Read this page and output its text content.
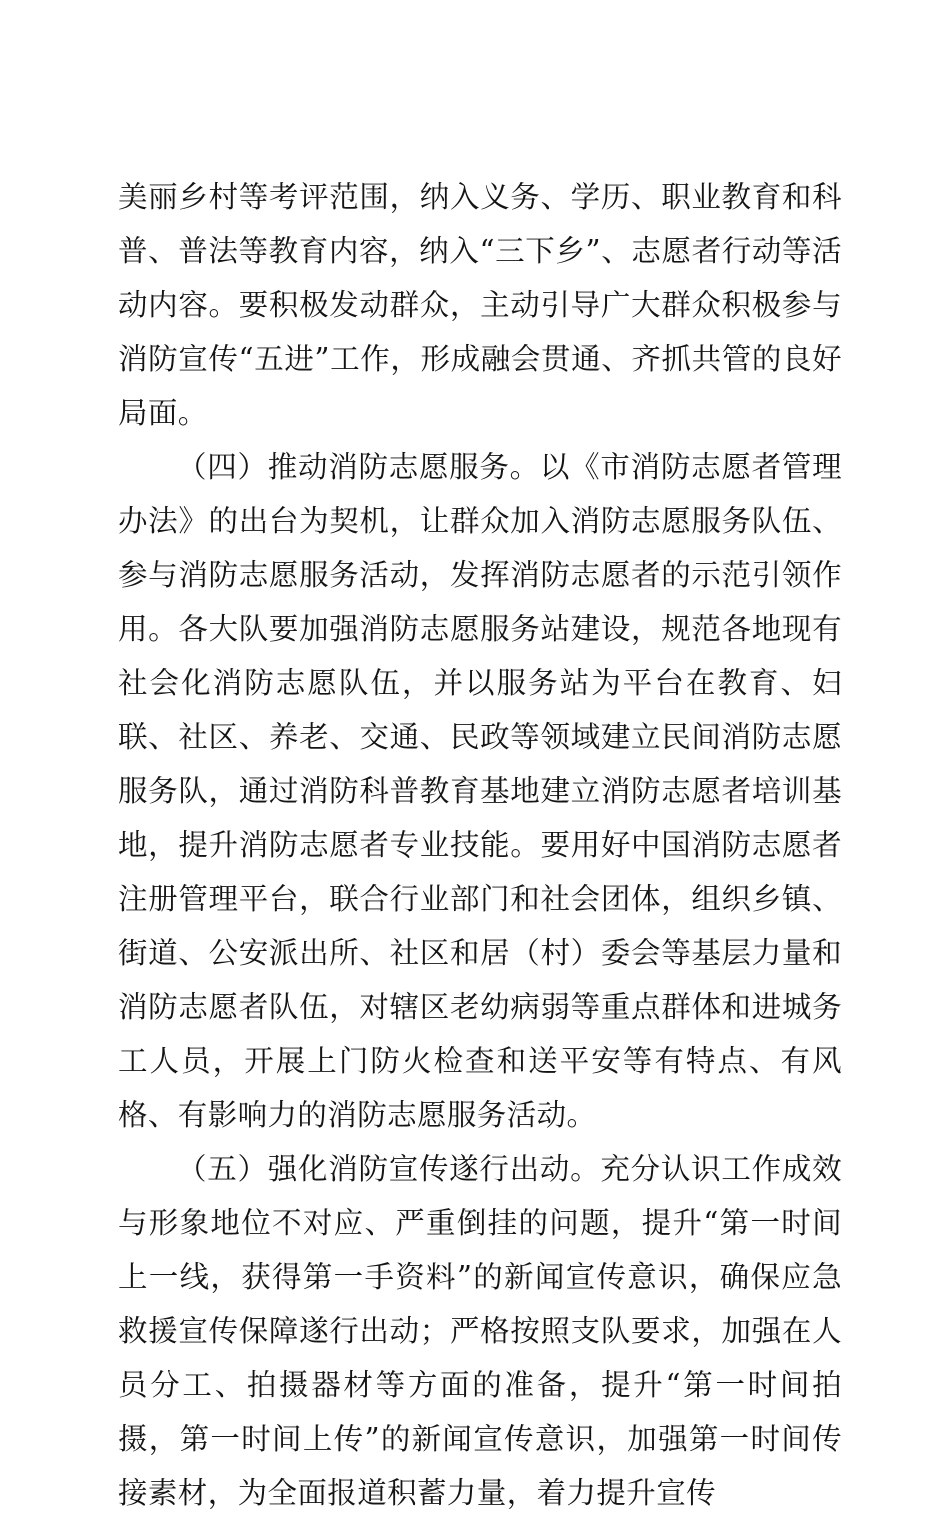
美丽乡村等考评范围，纳入义务、学历、职业教育和科普、普法等教育内容，纳入“三下乡”、志愿者行动等活动内容。要积极发动群众，主动引导广大群众积极参与消防宣传“五进”工作，形成融会贯通、齐抓共管的良好局面。

（四）推动消防志愿服务。以《市消防志愿者管理办法》的出台为契机，让群众加入消防志愿服务队伍、参与消防志愿服务活动，发挥消防志愿者的示范引领作用。各大队要加强消防志愿服务站建设，规范各地现有社会化消防志愿队伍，并以服务站为平台在教育、妇联、社区、养老、交通、民政等领域建立民间消防志愿服务队，通过消防科普教育基地建立消防志愿者培训基地，提升消防志愿者专业技能。要用好中国消防志愿者注册管理平台，联合行业部门和社会团体，组织乡镇、街道、公安派出所、社区和居（村）委会等基层力量和消防志愿者队伍，对辖区老幼病弱等重点群体和进城务工人员，开展上门防火检查和送平安等有特点、有风格、有影响力的消防志愿服务活动。

（五）强化消防宣传遂行出动。充分认识工作成效与形象地位不对应、严重倒挂的问题，提升“第一时间上一线，获得第一手资料”的新闻宣传意识，确保应急救援宣传保障遂行出动；严格按照支队要求，加强在人员分工、拍摄器材等方面的准备，提升“第一时间拍摄，第一时间上传”的新闻宣传意识，加强第一时间传接素材，为全面报道积蓄力量，着力提升宣传
